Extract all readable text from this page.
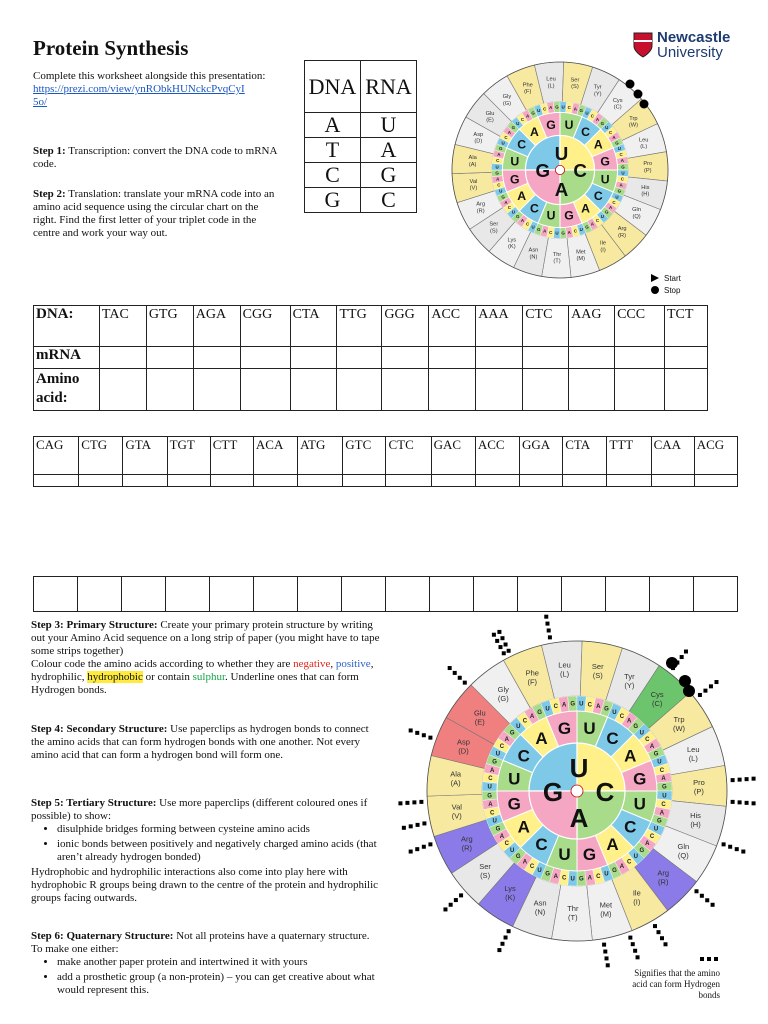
Protein Synthesis	Newcastle
University
Complete this worksheet alongside this presentation:
https://prezi.com/view/ynRObkHUNckcPvqCyI
5o/
Step 1: Transcription: convert the DNA code to mRNA code.
Step 2: Translation: translate your mRNA code into an amino acid sequence using the circular chart on the right. Find the first letter of your triplet code in the centre and work your way out.
DNA	RNA
A	U
T	A
C	G
G	C
Gly (G)
Phe (F)
Leu (L)
Ser (S)	Tyr (Y)
Cys (C)
Trp (W)
Leu (L)
Pro (P)
His (H)
Gln (Q)
Arg (R)
Ile (I)
Met (M)
Thr (T)
Asn (N)
Lys (K)
Ser (S)
Arg (R)
Val (V)
Ala (A)
Asp (D)
Glu (E)	U
C
A
G U C A G U C A G U
C
A
G
U
C
A
G
U
C
A
G
U
C
A
G
U
C
A
G
U
C
A
G
U
C
A
G
U
C
A
G
U
C
A
G
U
C
A
G
U
C
A
G
U
C
A
G
U
C
A
G A G U C
A
G
U
C
A
G
U
C
A
G
U
C
G
A
C
U
Start
Stop
DNA:	TAC	GTG	AGA	CGG	CTA	TTG	GGG	ACC	AAA	CTC	AAG	CCC	TCT
mRNA													
Amino acid:													
CAG	CTG	GTA	TGT	CTT	ACA	ATG	GTC	CTC	GAC	ACC	GGA	CTA	TTT	CAA	ACG

Step 3: Primary Structure: Create your primary protein structure by writing out your Amino Acid sequence on a long strip of paper (you might have to tape some strips together)
Colour code the amino acids according to whether they are negative, positive, hydrophilic, hydrophobic or contain sulphur. Underline ones that can form Hydrogen bonds.
Step 4: Secondary Structure: Use paperclips as hydrogen bonds to connect the amino acids that can form hydrogen bonds with one another. Not every amino acid that can form a hydrogen bond will form one.
Step 5: Tertiary Structure: Use more paperclips (different coloured ones if possible) to show:
• disulphide bridges forming between cysteine amino acids
• ionic bonds between positively and negatively charged amino acids (that aren’t already hydrogen bonded)
Hydrophobic and hydrophilic interactions also come into play here with hydrophobic R groups being drawn to the centre of the protein and hydrophilic groups facing outwards.
Step 6: Quaternary Structure: Not all proteins have a quaternary structure. To make one either:
• make another paper protein and intertwined it with yours
• add a prosthetic group (a non-protein) – you can get creative about what would represent this.
Gly (G)
Phe (F)
Leu (L)
Ser (S)	Tyr (Y)
Cys (C)
Trp (W)
Leu (L)
Pro (P)
His (H)
Gln (Q)
Arg (R)
Ile (I)
Met (M)
Thr (T)
Asn (N)
Lys (K)
Ser (S)
Arg (R)
Val (V)
Ala (A)
Asp (D)
Glu (E)
U
C
A
G
U C A G U C A G
U
C
A
G
U
C
A
G
U
C
A
G
U
C
A
G
U
C
A
G
U
C
A
G
U
C
A
G
U
C
A
G
U
C
A
G
U
C
A
G
U
C
A
G
U
C
A
G
U
C
A
G A
G U
C
A
G
U
C
A
G
U
C
A
G
U
C
G
A
C
U
Signifies that the amino acid can form Hydrogen bonds
